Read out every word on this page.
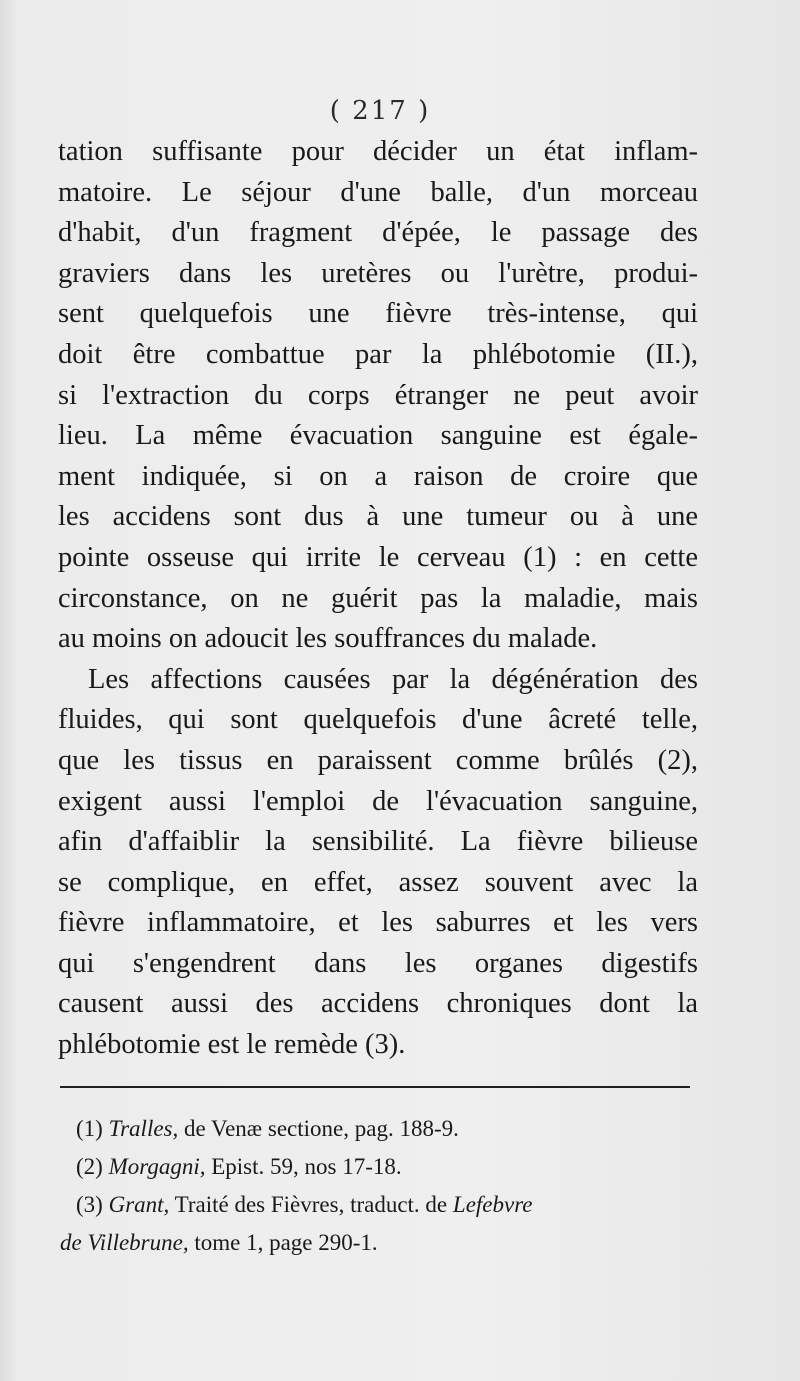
( 217 )
tation suffisante pour décider un état inflam-
matoire. Le séjour d'une balle, d'un morceau
d'habit, d'un fragment d'épée, le passage des
graviers dans les uretères ou l'urètre, produi-
sent quelquefois une fièvre très-intense, qui
doit être combattue par la phlébotomie (II.),
si l'extraction du corps étranger ne peut avoir
lieu. La même évacuation sanguine est égale-
ment indiquée, si on a raison de croire que
les accidens sont dus à une tumeur ou à une
pointe osseuse qui irrite le cerveau (1) : en cette
circonstance, on ne guérit pas la maladie, mais
au moins on adoucit les souffrances du malade.
Les affections causées par la dégénération des
fluides, qui sont quelquefois d'une âcreté telle,
que les tissus en paraissent comme brûlés (2),
exigent aussi l'emploi de l'évacuation sanguine,
afin d'affaiblir la sensibilité. La fièvre bilieuse
se complique, en effet, assez souvent avec la
fièvre inflammatoire, et les saburres et les vers
qui s'engendrent dans les organes digestifs
causent aussi des accidens chroniques dont la
phlébotomie est le remède (3).
(1) Tralles, de Venæ sectione, pag. 188-9.
(2) Morgagni, Epist. 59, nos 17-18.
(3) Grant, Traité des Fièvres, traduct. de Lefebvre
de Villebrune, tome 1, page 290-1.
